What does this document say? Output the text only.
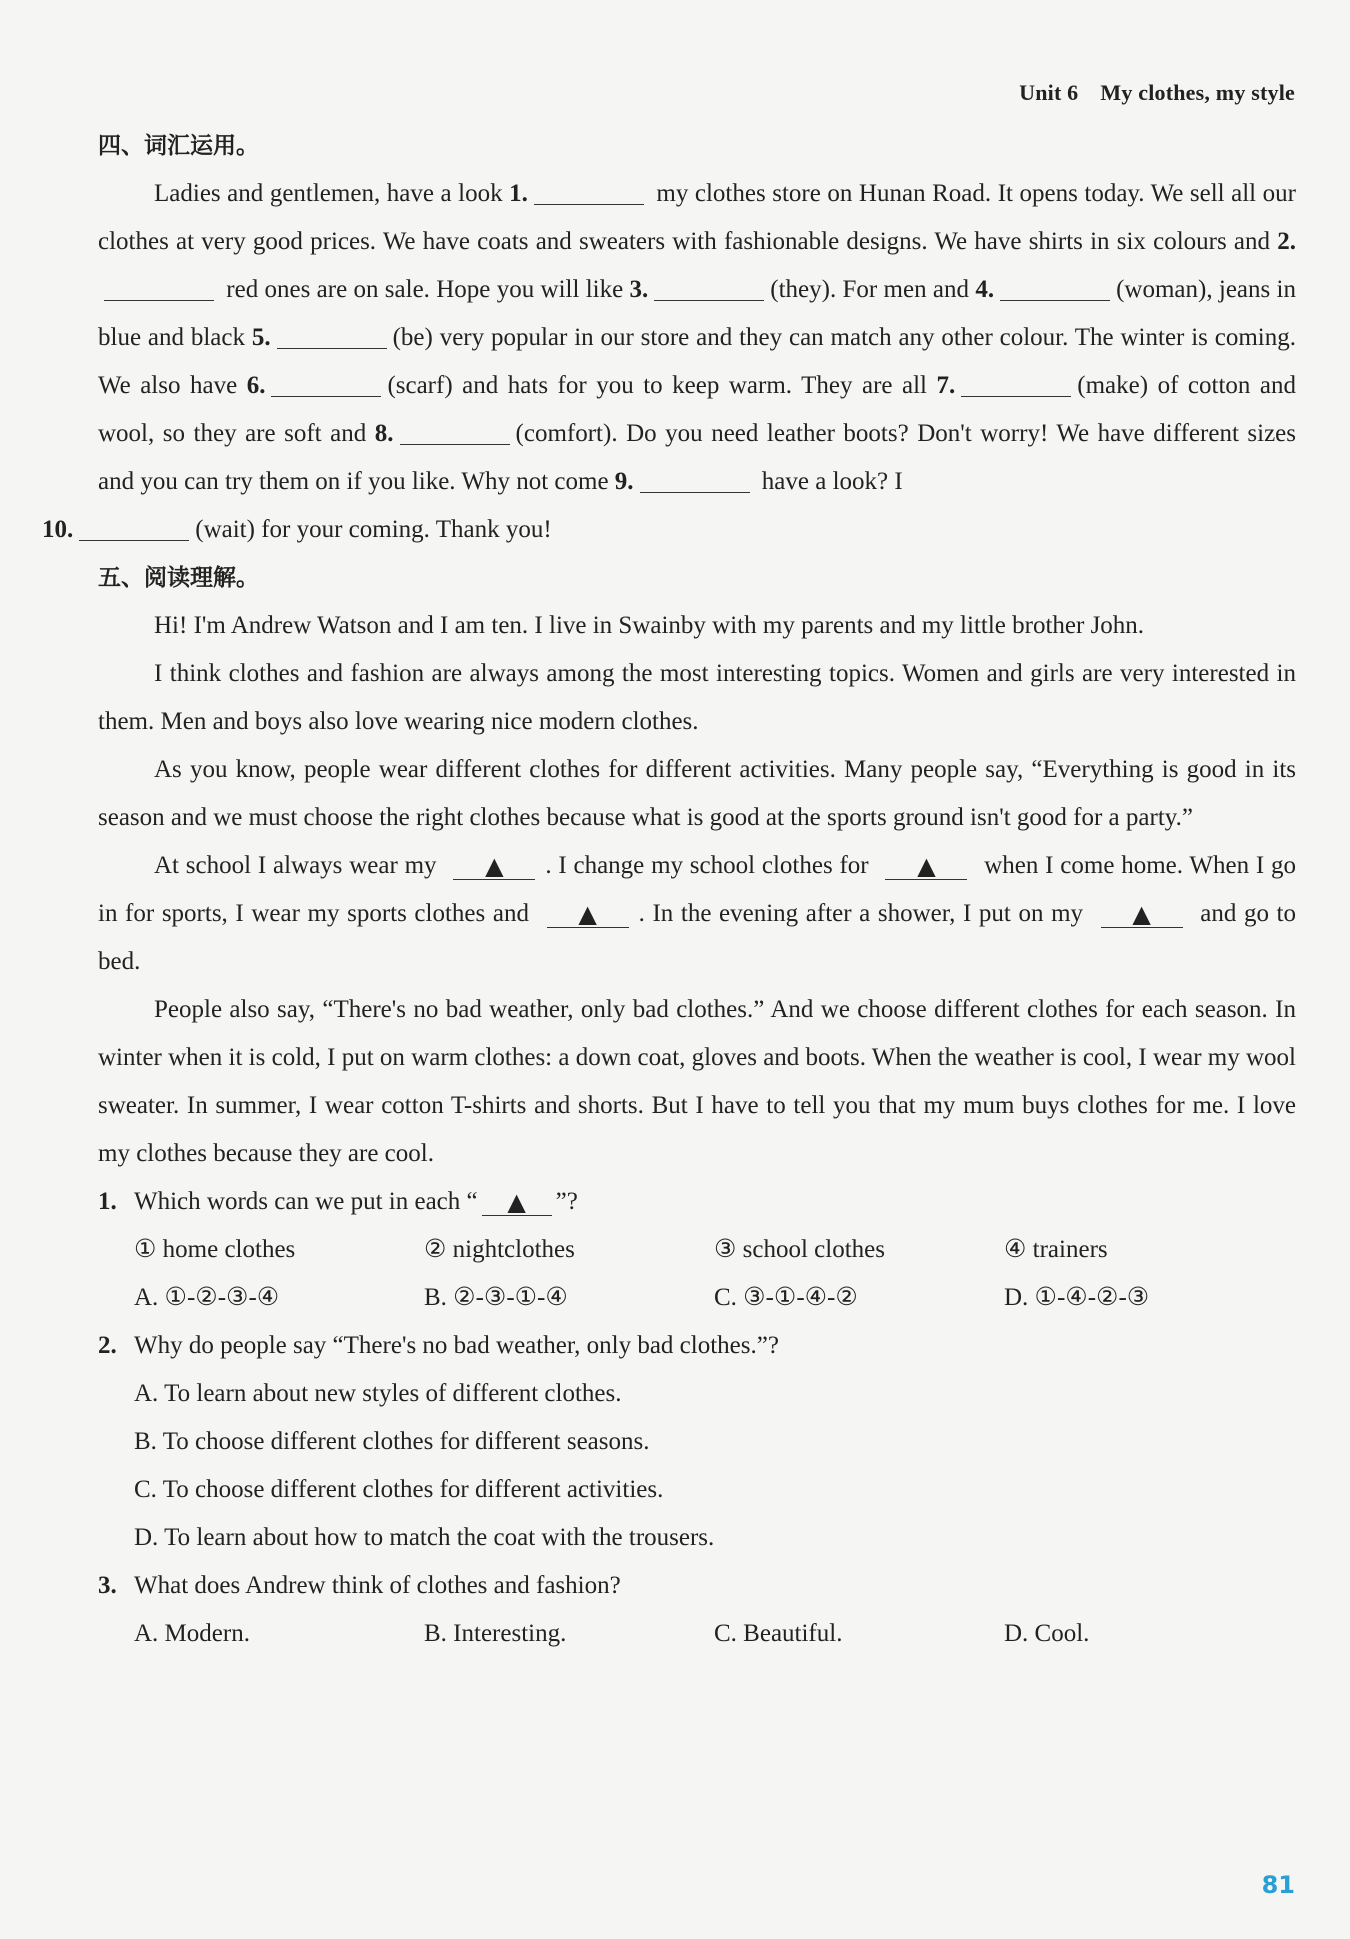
Unit 6 My clothes, my style
四、词汇运用。

Ladies and gentlemen, have a look 1.	my clothes store on Hunan Road. It opens today. We sell all our clothes at very good prices. We have coats and sweaters with fashionable designs. We have shirts in six colours and 2. red ones are on sale. Hope you will like 3.	(they). For men and 4.	(woman), jeans in blue and black 5.	(be) very popular in our store and they can match any other colour. The winter is coming. We also have 6.	(scarf) and hats for you to keep warm. They are all 7.	(make) of cotton and wool, so they are soft and 8.	(comfort). Do you need leather boots? Don't worry! We have different sizes and you can try them on if you like. Why not come 9.	have a look? I
10.	(wait) for your coming. Thank you!

五、阅读理解。

Hi! I'm Andrew Watson and I am ten. I live in Swainby with my parents and my little brother John.

I think clothes and fashion are always among the most interesting topics. Women and girls are very interested in them. Men and boys also love wearing nice modern clothes.

As you know, people wear different clothes for different activities. Many people say, “Everything is good in its season and we must choose the right clothes because what is good at the sports ground isn't good for a party.”

At school I always wear my ▲ . I change my school clothes for ▲ when I come home. When I go in for sports, I wear my sports clothes and ▲ . In the evening after a shower, I put on my ▲ and go to bed.

People also say, “There's no bad weather, only bad clothes.” And we choose different clothes for each season. In winter when it is cold, I put on warm clothes: a down coat, gloves and boots. When the weather is cool, I wear my wool sweater. In summer, I wear cotton T-shirts and shorts. But I have to tell you that my mum buys clothes for me. I love my clothes because they are cool.

1. Which words can we put in each “ ▲ ”?
① home clothes	② nightclothes	③ school clothes	④ trainers
A. ①-②-③-④	B. ②-③-①-④	C. ③-①-④-②	D. ①-④-②-③
2. Why do people say “There's no bad weather, only bad clothes.”?
A. To learn about new styles of different clothes.
B. To choose different clothes for different seasons.
C. To choose different clothes for different activities.
D. To learn about how to match the coat with the trousers.
3. What does Andrew think of clothes and fashion?
A. Modern.	B. Interesting.	C. Beautiful.	D. Cool.
81
